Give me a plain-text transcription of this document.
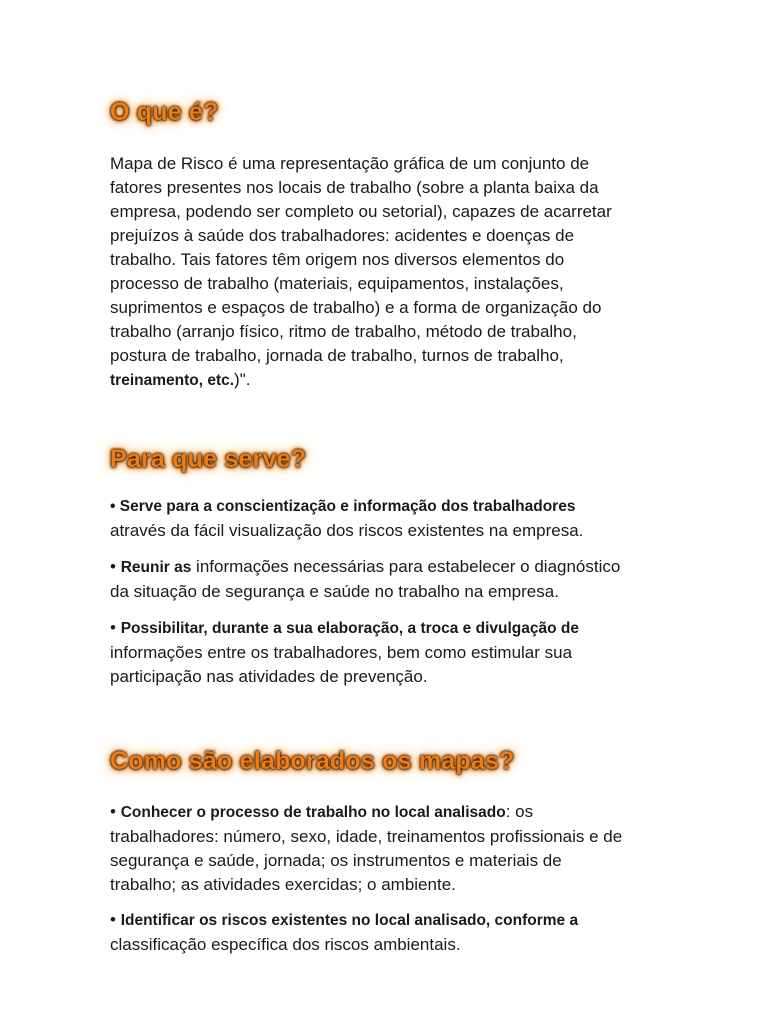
O que é?

Mapa de Risco é uma representação gráfica de um conjunto de
fatores presentes nos locais de trabalho (sobre a planta baixa da
empresa, podendo ser completo ou setorial), capazes de acarretar
prejuízos à saúde dos trabalhadores: acidentes e doenças de
trabalho. Tais fatores têm origem nos diversos elementos do
processo de trabalho (materiais, equipamentos, instalações,
suprimentos e espaços de trabalho) e a forma de organização do
trabalho (arranjo físico, ritmo de trabalho, método de trabalho,
postura de trabalho, jornada de trabalho, turnos de trabalho,
treinamento, etc.)".

Para que serve?

• Serve para a conscientização e informação dos trabalhadores
através da fácil visualização dos riscos existentes na empresa.

• Reunir as informações necessárias para estabelecer o diagnóstico
da situação de segurança e saúde no trabalho na empresa.

• Possibilitar, durante a sua elaboração, a troca e divulgação de
informações entre os trabalhadores, bem como estimular sua
participação nas atividades de prevenção.

Como são elaborados os mapas?

• Conhecer o processo de trabalho no local analisado: os
trabalhadores: número, sexo, idade, treinamentos profissionais e de
segurança e saúde, jornada; os instrumentos e materiais de
trabalho; as atividades exercidas; o ambiente.

• Identificar os riscos existentes no local analisado, conforme a
classificação específica dos riscos ambientais.
